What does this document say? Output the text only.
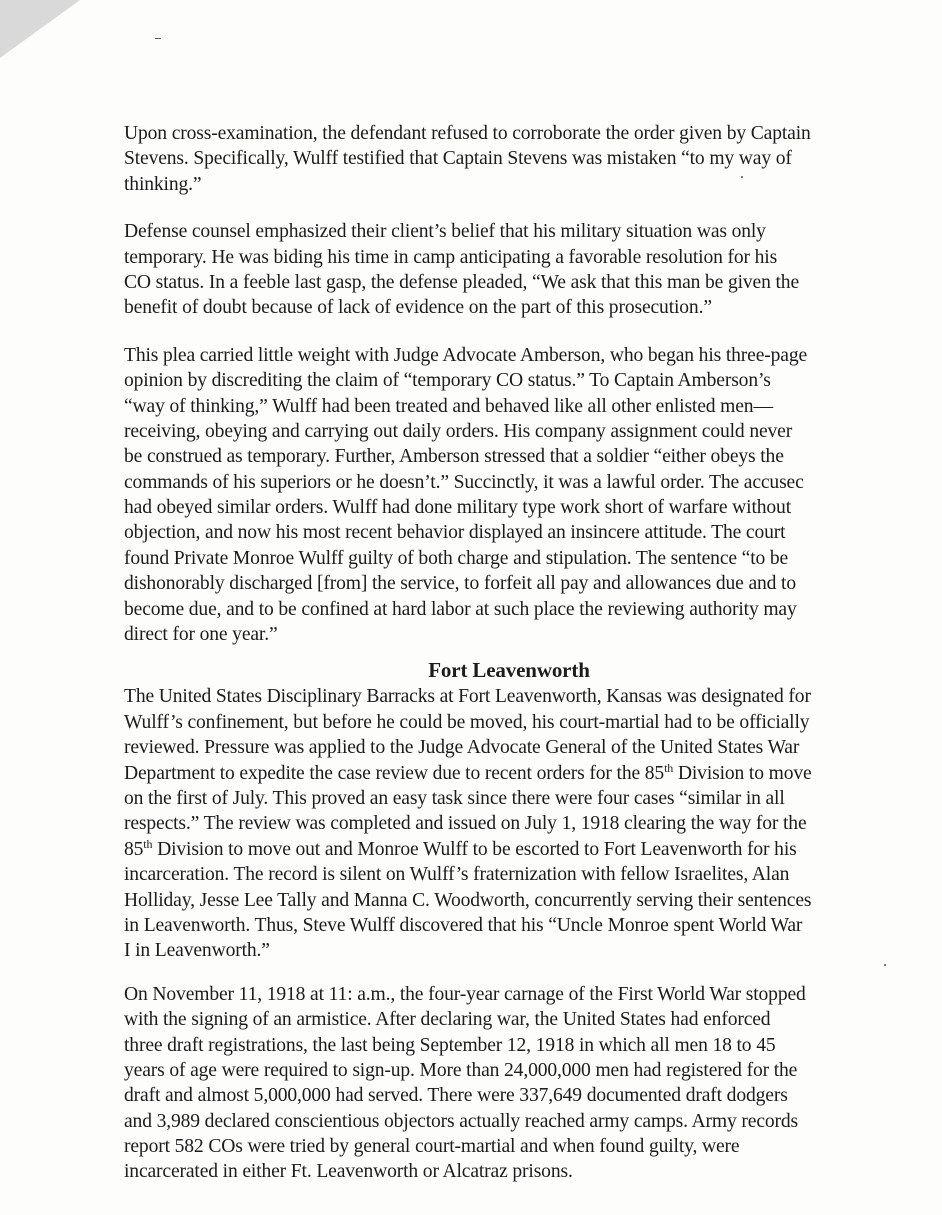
Upon cross-examination, the defendant refused to corroborate the order given by Captain
Stevens. Specifically, Wulff testified that Captain Stevens was mistaken “to my way of
thinking.”
Defense counsel emphasized their client’s belief that his military situation was only
temporary. He was biding his time in camp anticipating a favorable resolution for his
CO status. In a feeble last gasp, the defense pleaded, “We ask that this man be given the
benefit of doubt because of lack of evidence on the part of this prosecution.”
This plea carried little weight with Judge Advocate Amberson, who began his three-page
opinion by discrediting the claim of “temporary CO status.” To Captain Amberson’s
“way of thinking,” Wulff had been treated and behaved like all other enlisted men—
receiving, obeying and carrying out daily orders. His company assignment could never
be construed as temporary. Further, Amberson stressed that a soldier “either obeys the
commands of his superiors or he doesn’t.” Succinctly, it was a lawful order. The accusec
had obeyed similar orders. Wulff had done military type work short of warfare without
objection, and now his most recent behavior displayed an insincere attitude. The court
found Private Monroe Wulff guilty of both charge and stipulation. The sentence “to be
dishonorably discharged [from] the service, to forfeit all pay and allowances due and to
become due, and to be confined at hard labor at such place the reviewing authority may
direct for one year.”
Fort Leavenworth
The United States Disciplinary Barracks at Fort Leavenworth, Kansas was designated for
Wulff’s confinement, but before he could be moved, his court-martial had to be officially
reviewed. Pressure was applied to the Judge Advocate General of the United States War
Department to expedite the case review due to recent orders for the 85th Division to move
on the first of July. This proved an easy task since there were four cases “similar in all
respects.” The review was completed and issued on July 1, 1918 clearing the way for the
85th Division to move out and Monroe Wulff to be escorted to Fort Leavenworth for his
incarceration. The record is silent on Wulff’s fraternization with fellow Israelites, Alan
Holliday, Jesse Lee Tally and Manna C. Woodworth, concurrently serving their sentences
in Leavenworth. Thus, Steve Wulff discovered that his “Uncle Monroe spent World War
I in Leavenworth.”
On November 11, 1918 at 11: a.m., the four-year carnage of the First World War stopped
with the signing of an armistice. After declaring war, the United States had enforced
three draft registrations, the last being September 12, 1918 in which all men 18 to 45
years of age were required to sign-up. More than 24,000,000 men had registered for the
draft and almost 5,000,000 had served. There were 337,649 documented draft dodgers
and 3,989 declared conscientious objectors actually reached army camps. Army records
report 582 COs were tried by general court-martial and when found guilty, were
incarcerated in either Ft. Leavenworth or Alcatraz prisons.
